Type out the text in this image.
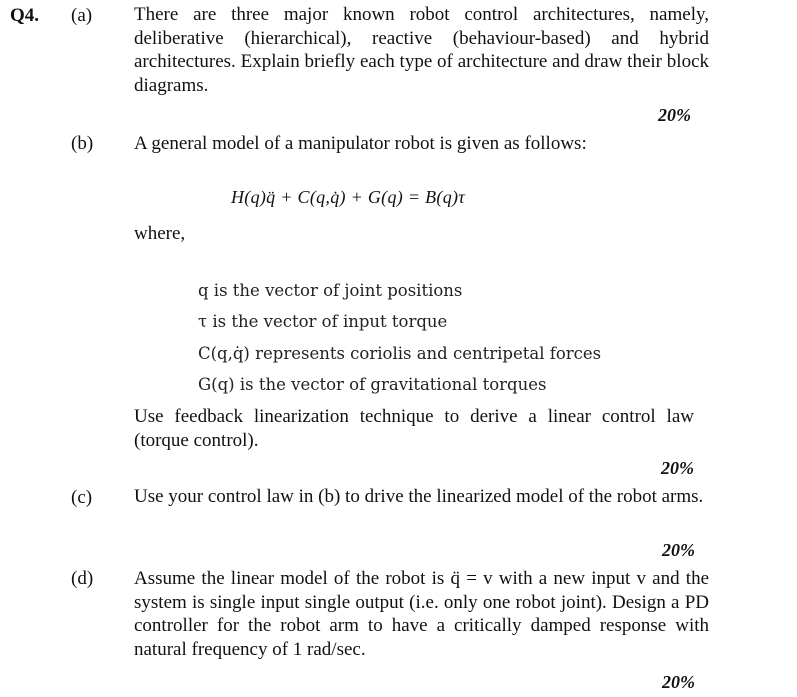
Q4. (a) There are three major known robot control architectures, namely, deliberative (hierarchical), reactive (behaviour-based) and hybrid architectures. Explain briefly each type of architecture and draw their block diagrams.
20%
(b) A general model of a manipulator robot is given as follows:
H(q)q̈ + C(q,q̇) + G(q) = B(q)τ
where,
q is the vector of joint positions
τ is the vector of input torque
C(q,q̇) represents coriolis and centripetal forces
G(q) is the vector of gravitational torques
Use feedback linearization technique to derive a linear control law (torque control).
20%
(c) Use your control law in (b) to drive the linearized model of the robot arms.
20%
(d) Assume the linear model of the robot is q̈ = v with a new input v and the system is single input single output (i.e. only one robot joint). Design a PD controller for the robot arm to have a critically damped response with natural frequency of 1 rad/sec.
20%
